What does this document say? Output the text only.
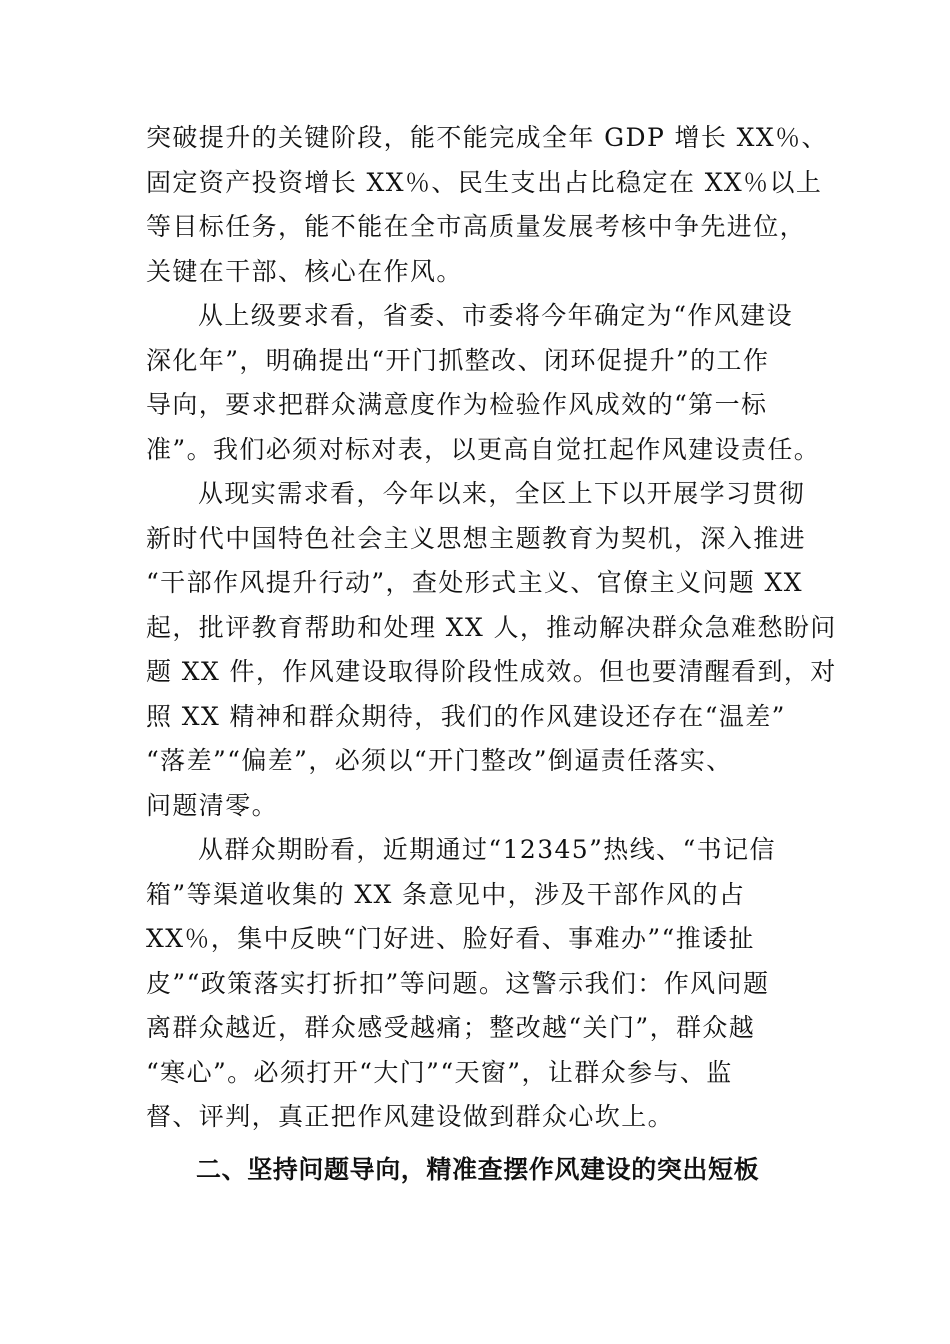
突破提升的关键阶段，能不能完成全年 GDP 增长 XX％、
固定资产投资增长 XX％、民生支出占比稳定在 XX％以上
等目标任务，能不能在全市高质量发展考核中争先进位，
关键在干部、核心在作风。
从上级要求看，省委、市委将今年确定为“作风建设
深化年”，明确提出“开门抓整改、闭环促提升”的工作
导向，要求把群众满意度作为检验作风成效的“第一标
准”。我们必须对标对表，以更高自觉扛起作风建设责任。
从现实需求看，今年以来，全区上下以开展学习贯彻
新时代中国特色社会主义思想主题教育为契机，深入推进
“干部作风提升行动”，查处形式主义、官僚主义问题 XX
起，批评教育帮助和处理 XX 人，推动解决群众急难愁盼问
题 XX 件，作风建设取得阶段性成效。但也要清醒看到，对
照 XX 精神和群众期待，我们的作风建设还存在“温差”
“落差”“偏差”，必须以“开门整改”倒逼责任落实、
问题清零。
从群众期盼看，近期通过“12345”热线、“书记信
箱”等渠道收集的 XX 条意见中，涉及干部作风的占
XX％，集中反映“门好进、脸好看、事难办”“推诿扯
皮”“政策落实打折扣”等问题。这警示我们：作风问题
离群众越近，群众感受越痛；整改越“关门”，群众越
“寒心”。必须打开“大门”“天窗”，让群众参与、监
督、评判，真正把作风建设做到群众心坎上。
二、坚持问题导向，精准查摆作风建设的突出短板
